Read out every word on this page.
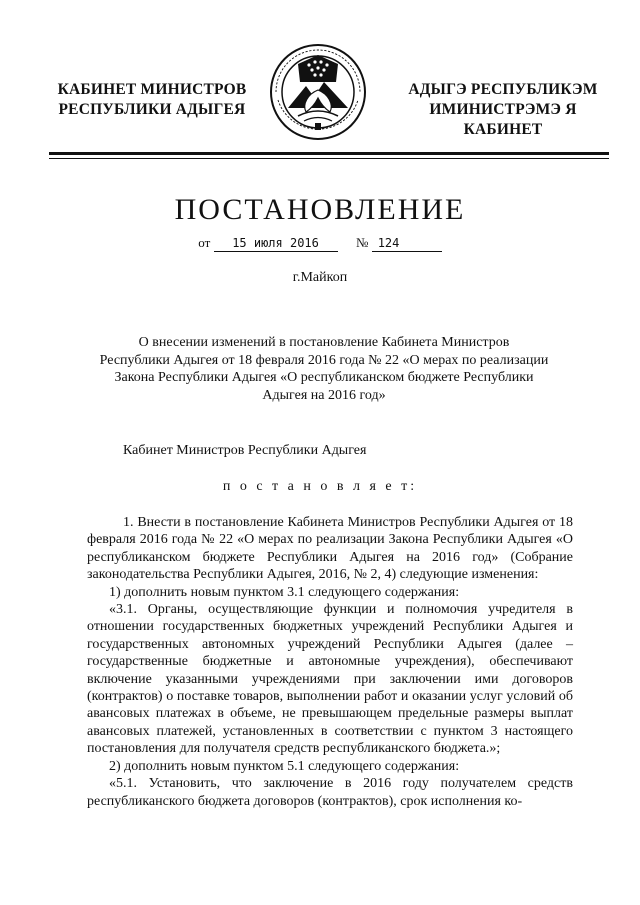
КАБИНЕТ МИНИСТРОВ
РЕСПУБЛИКИ АДЫГЕЯ
АДЫГЭ РЕСПУБЛИКЭМ
ИМИНИСТРЭМЭ Я КАБИНЕТ
ПОСТАНОВЛЕНИЕ
от 15 июля 2016	№ 124
г.Майкоп
О внесении изменений в постановление Кабинета Министров
Республики Адыгея от 18 февраля 2016 года № 22 «О мерах по реализации
Закона Республики Адыгея «О республиканском бюджете Республики
Адыгея на 2016 год»
Кабинет Министров Республики Адыгея
п о с т а н о в л я е т:

1. Внести в постановление Кабинета Министров Республики Адыгея от 18 февраля 2016 года № 22 «О мерах по реализации Закона Республики Адыгея «О республиканском бюджете Республики Адыгея на 2016 год» (Собрание законодательства Республики Адыгея, 2016, № 2, 4) следующие изменения:

1) дополнить новым пунктом 3.1 следующего содержания:

«3.1. Органы, осуществляющие функции и полномочия учредителя в отношении государственных бюджетных учреждений Республики Адыгея и государственных автономных учреждений Республики Адыгея (далее – государственные бюджетные и автономные учреждения), обеспечивают включение указанными учреждениями при заключении ими договоров (контрактов) о поставке товаров, выполнении работ и оказании услуг условий об авансовых платежах в объеме, не превышающем предельные размеры выплат авансовых платежей, установленных в соответствии с пунктом 3 настоящего постановления для получателя средств республиканского бюджета.»;

2) дополнить новым пунктом 5.1 следующего содержания:

«5.1. Установить, что заключение в 2016 году получателем средств республиканского бюджета договоров (контрактов), срок исполнения ко-
